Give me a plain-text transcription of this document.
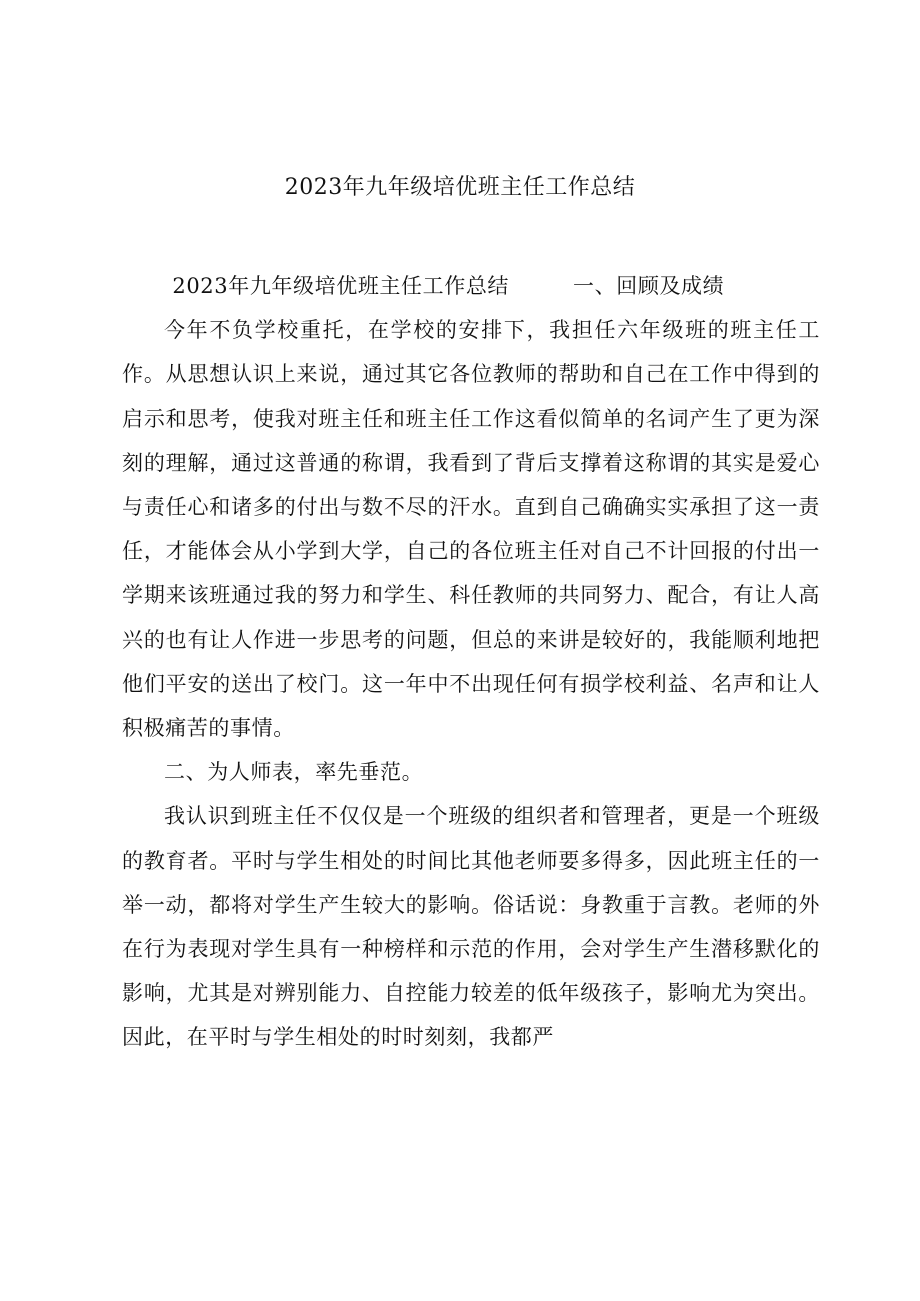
2023年九年级培优班主任工作总结

2023年九年级培优班主任工作总结	一、回顾及成绩

今年不负学校重托，在学校的安排下，我担任六年级班的班主任工作。从思想认识上来说，通过其它各位教师的帮助和自己在工作中得到的启示和思考，使我对班主任和班主任工作这看似简单的名词产生了更为深刻的理解，通过这普通的称谓，我看到了背后支撑着这称谓的其实是爱心与责任心和诸多的付出与数不尽的汗水。直到自己确确实实承担了这一责任，才能体会从小学到大学，自己的各位班主任对自己不计回报的付出一学期来该班通过我的努力和学生、科任教师的共同努力、配合，有让人高兴的也有让人作进一步思考的问题，但总的来讲是较好的，我能顺利地把他们平安的送出了校门。这一年中不出现任何有损学校利益、名声和让人积极痛苦的事情。

二、为人师表，率先垂范。

我认识到班主任不仅仅是一个班级的组织者和管理者，更是一个班级的教育者。平时与学生相处的时间比其他老师要多得多，因此班主任的一举一动，都将对学生产生较大的影响。俗话说：身教重于言教。老师的外在行为表现对学生具有一种榜样和示范的作用，会对学生产生潜移默化的影响，尤其是对辨别能力、自控能力较差的低年级孩子，影响尤为突出。因此，在平时与学生相处的时时刻刻，我都严
